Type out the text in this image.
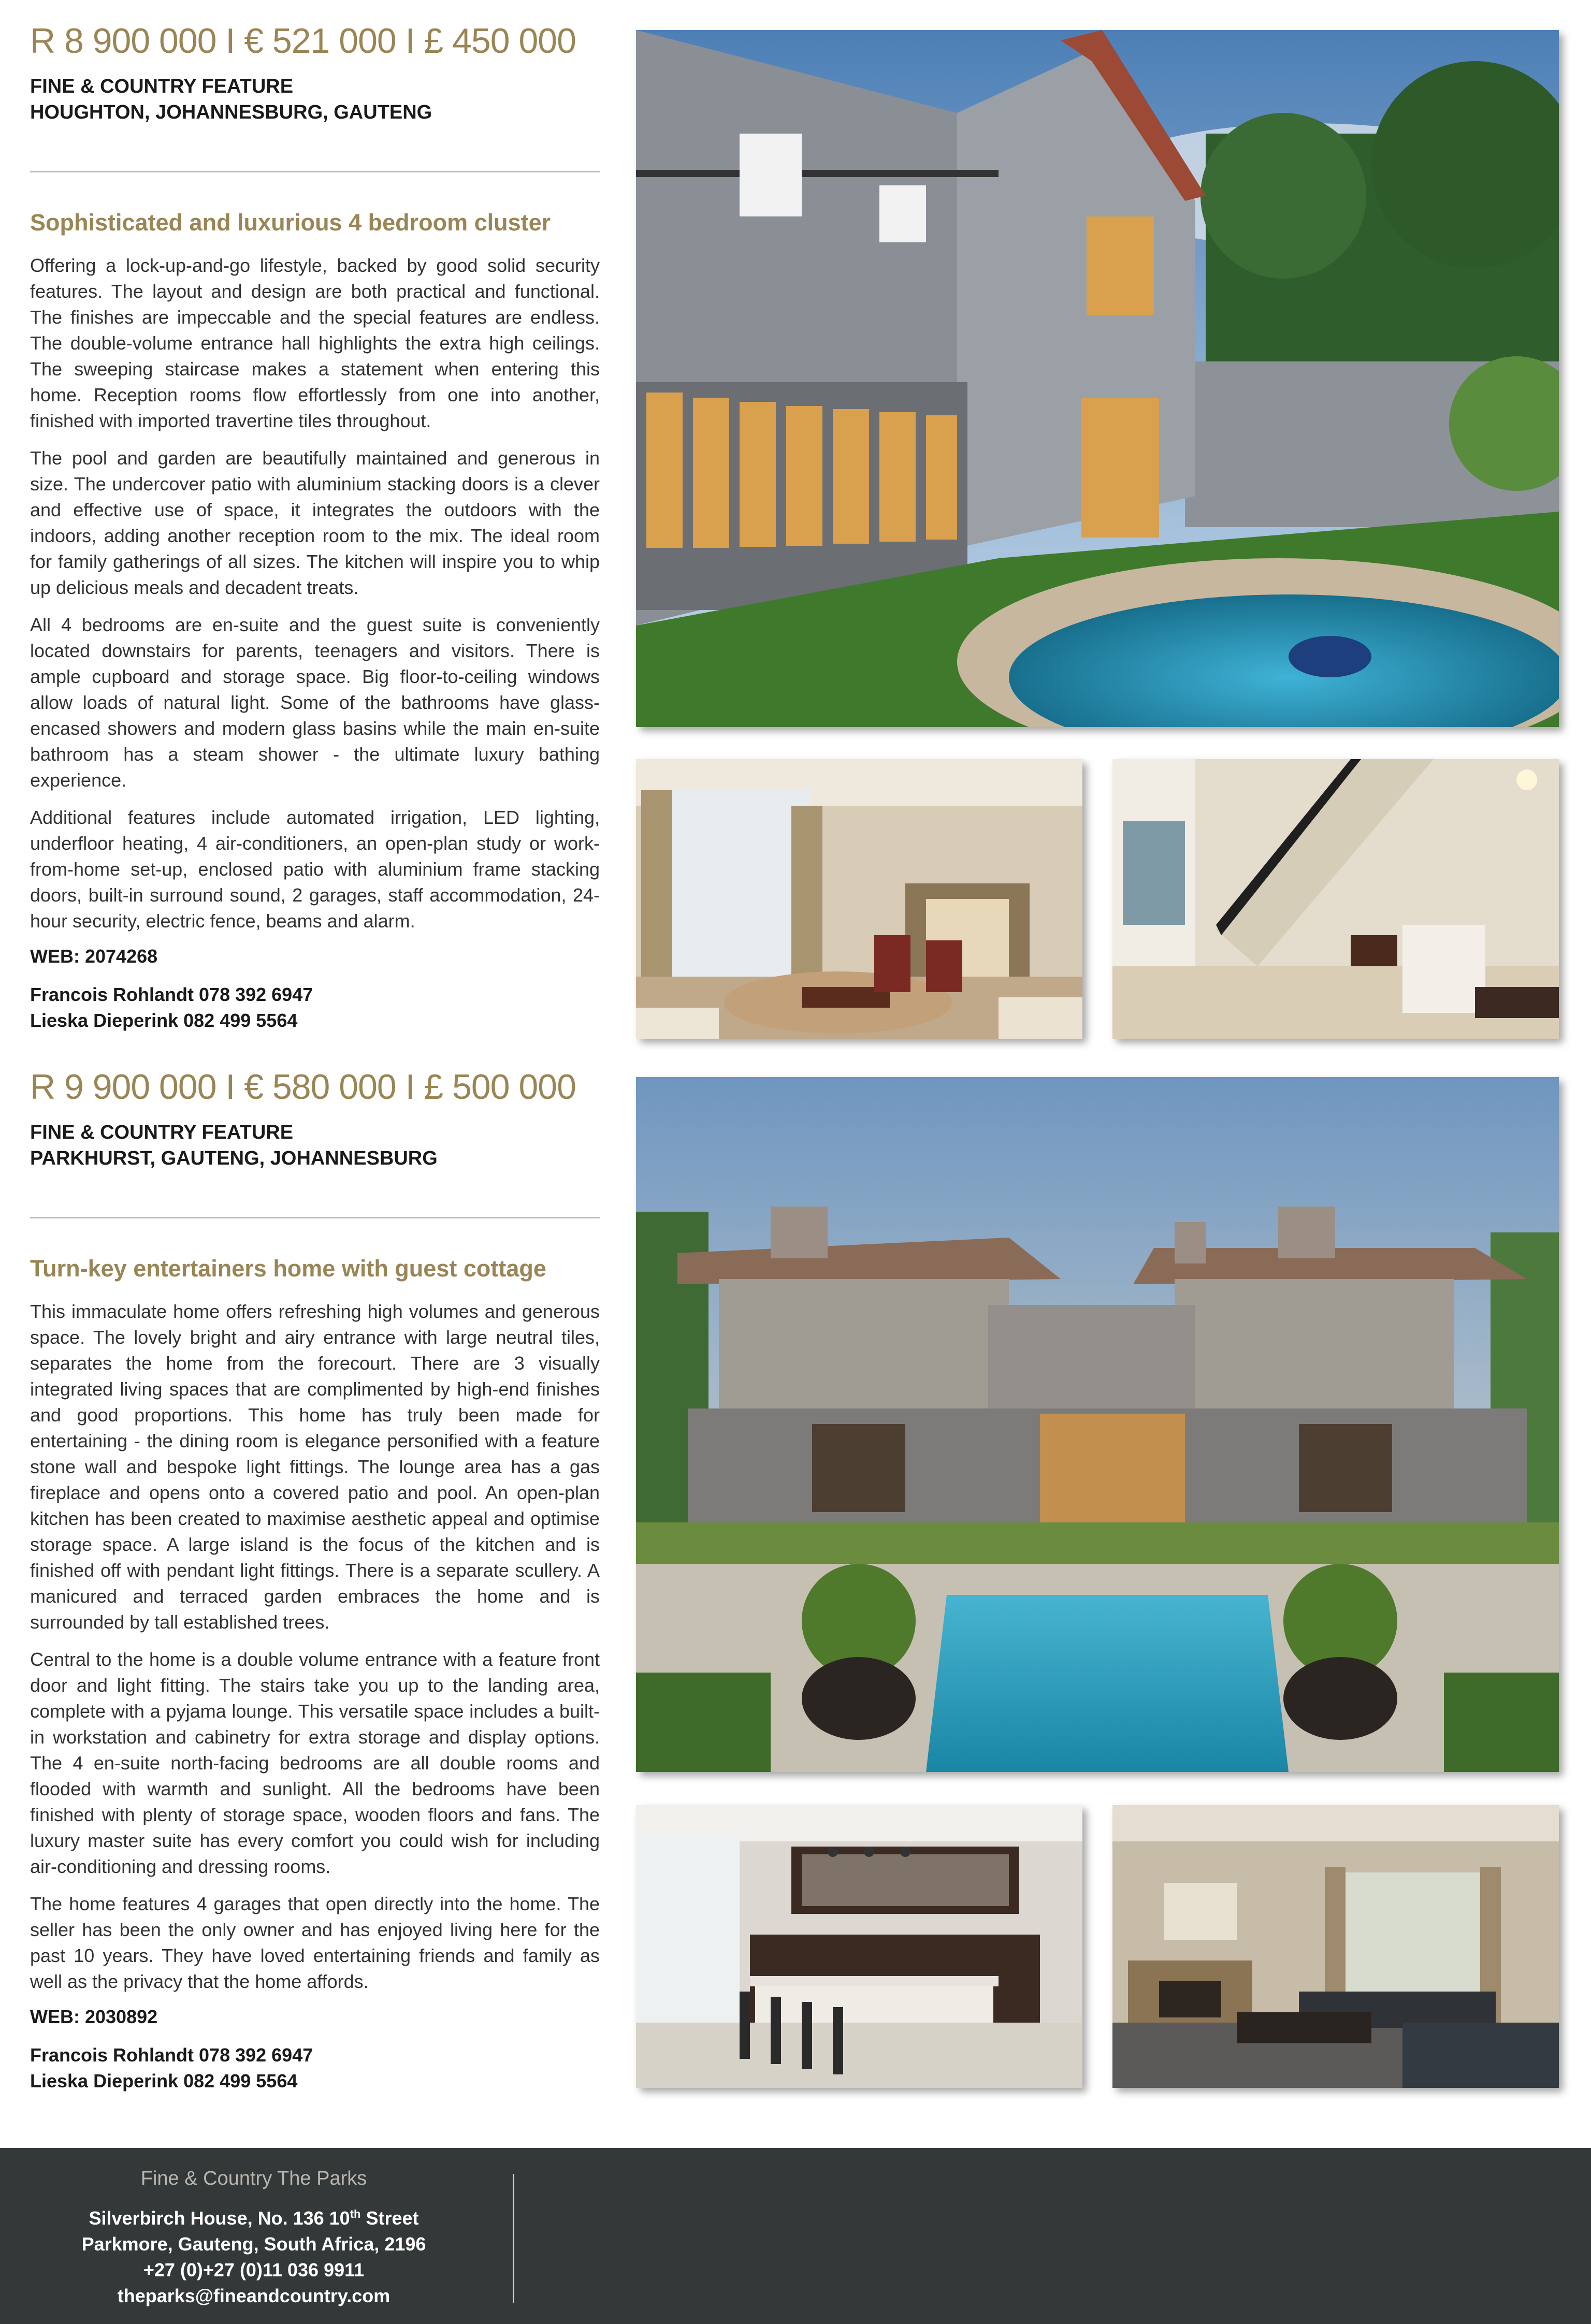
R 8 900 000 I € 521 000 I £ 450 000
FINE & COUNTRY FEATURE
HOUGHTON, JOHANNESBURG, GAUTENG
Sophisticated and luxurious 4 bedroom cluster

Offering a lock-up-and-go lifestyle, backed by good solid security features. The layout and design are both practical and functional. The finishes are impeccable and the special features are endless. The double-volume entrance hall highlights the extra high ceilings. The sweeping staircase makes a statement when entering this home. Reception rooms flow effortlessly from one into another, finished with imported travertine tiles throughout.

The pool and garden are beautifully maintained and generous in size. The undercover patio with aluminium stacking doors is a clever and effective use of space, it integrates the outdoors with the indoors, adding another reception room to the mix. The ideal room for family gatherings of all sizes. The kitchen will inspire you to whip up delicious meals and decadent treats.

All 4 bedrooms are en-suite and the guest suite is conveniently located downstairs for parents, teenagers and visitors. There is ample cupboard and storage space. Big floor-to-ceiling windows allow loads of natural light. Some of the bathrooms have glass-encased showers and modern glass basins while the main en-suite bathroom has a steam shower - the ultimate luxury bathing experience.

Additional features include automated irrigation, LED lighting, underfloor heating, 4 air-conditioners, an open-plan study or work-from-home set-up, enclosed patio with aluminium frame stacking doors, built-in surround sound, 2 garages, staff accommodation, 24-hour security, electric fence, beams and alarm.

WEB: 2074268
Francois Rohlandt 078 392 6947
Lieska Dieperink 082 499 5564
R 9 900 000 I € 580 000 I £ 500 000
FINE & COUNTRY FEATURE
PARKHURST, GAUTENG, JOHANNESBURG
Turn-key entertainers home with guest cottage

This immaculate home offers refreshing high volumes and generous space. The lovely bright and airy entrance with large neutral tiles, separates the home from the forecourt. There are 3 visually integrated living spaces that are complimented by high-end finishes and good proportions. This home has truly been made for entertaining - the dining room is elegance personified with a feature stone wall and bespoke light fittings. The lounge area has a gas fireplace and opens onto a covered patio and pool. An open-plan kitchen has been created to maximise aesthetic appeal and optimise storage space. A large island is the focus of the kitchen and is finished off with pendant light fittings. There is a separate scullery. A manicured and terraced garden embraces the home and is surrounded by tall established trees.

Central to the home is a double volume entrance with a feature front door and light fitting. The stairs take you up to the landing area, complete with a pyjama lounge. This versatile space includes a built-in workstation and cabinetry for extra storage and display options. The 4 en-suite north-facing bedrooms are all double rooms and flooded with warmth and sunlight. All the bedrooms have been finished with plenty of storage space, wooden floors and fans. The luxury master suite has every comfort you could wish for including air-conditioning and dressing rooms.

The home features 4 garages that open directly into the home. The seller has been the only owner and has enjoyed living here for the past 10 years. They have loved entertaining friends and family as well as the privacy that the home affords.

WEB: 2030892
Francois Rohlandt 078 392 6947
Lieska Dieperink 082 499 5564
Fine & Country The Parks
Silverbirch House, No. 136 10th Street
Parkmore, Gauteng, South Africa, 2196
+27 (0)+27 (0)11 036 9911
theparks@fineandcountry.com
